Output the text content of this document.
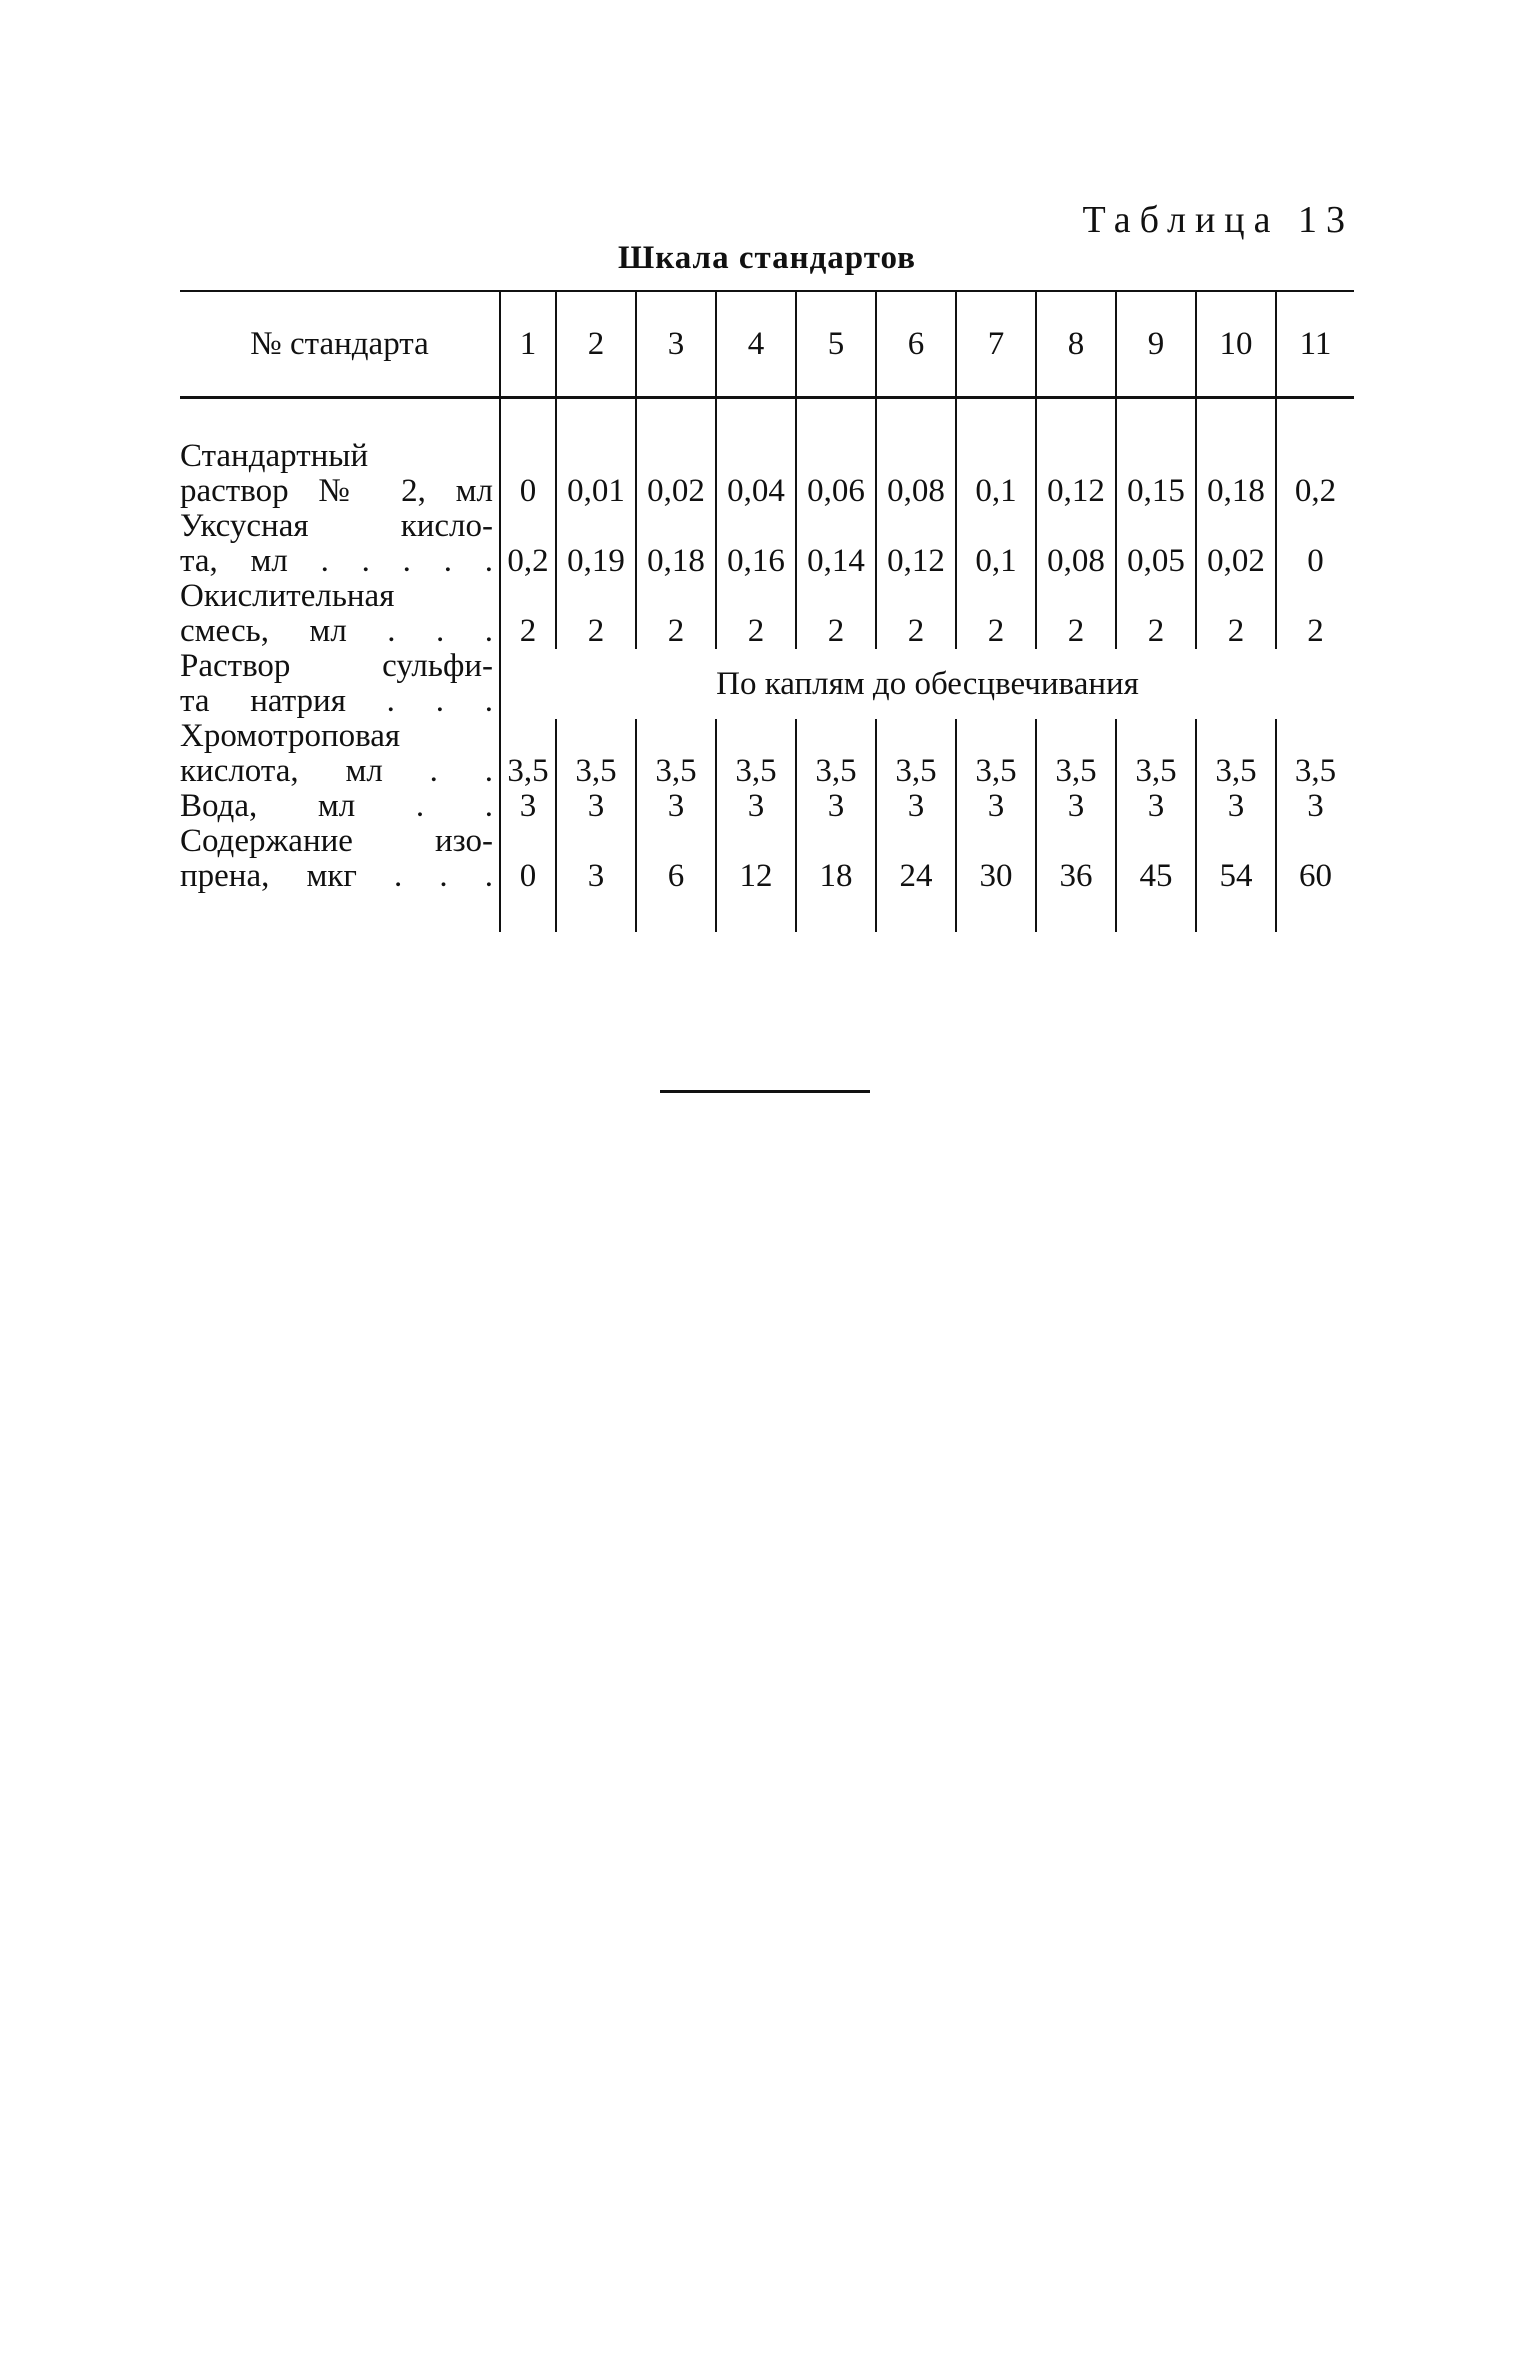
Таблица 13
Шкала стандартов
№ стандарта	1	2	3	4	5	6	7	8	9	10	11

Стандартный
раствор № 2, мл	0	0,01	0,02	0,04	0,06	0,08	0,1	0,12	0,15	0,18	0,2

Уксусная кисло-
та, мл . . . . .	0,2	0,19	0,18	0,16	0,14	0,12	0,1	0,08	0,05	0,02	0

Окислительная
смесь, мл . . .	2	2	2	2	2	2	2	2	2	2	2

Раствор сульфи-
та натрия . . .	По каплям до обесцвечивания										

Хромотроповая
кислота, мл . .	3,5	3,5	3,5	3,5	3,5	3,5	3,5	3,5	3,5	3,5	3,5

Вода, мл . .	3	3	3	3	3	3	3	3	3	3	3

Содержание изо-
прена, мкг . . .	0	3	6	12	18	24	30	36	45	54	60
